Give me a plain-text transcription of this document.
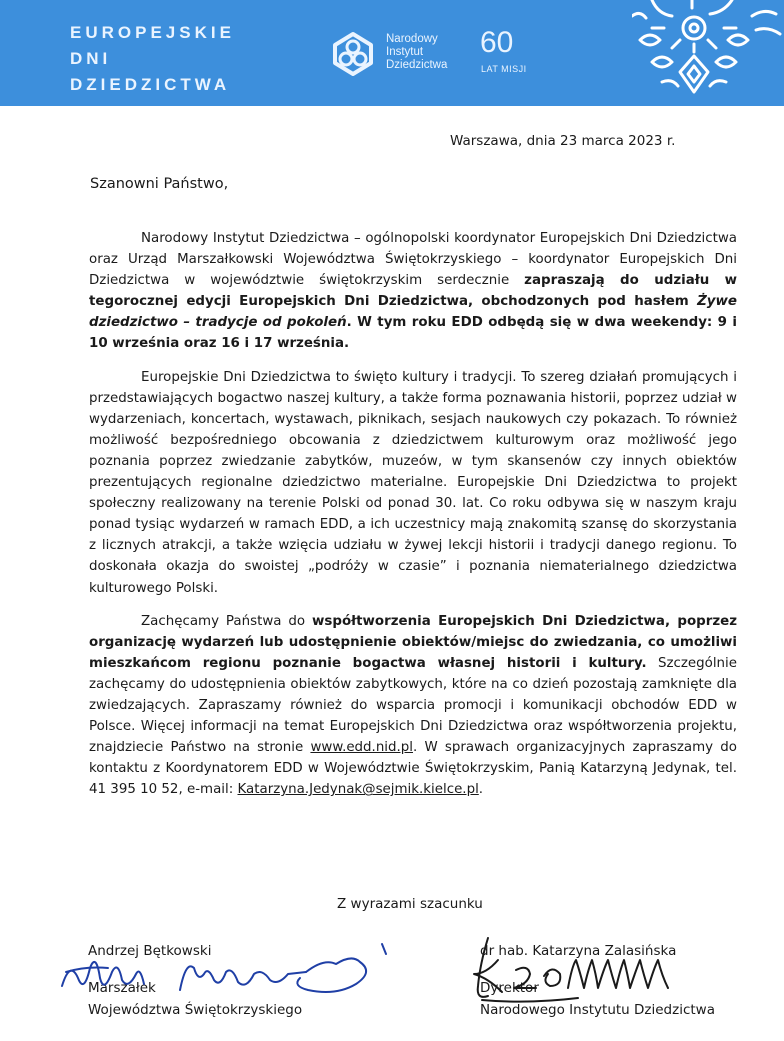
EUROPEJSKIE
DNI
DZIEDZICTWA
Narodowy
Instytut
Dziedzictwa
60
LAT MISJI
Warszawa, dnia 23 marca 2023 r.
Szanowni Państwo,

Narodowy Instytut Dziedzictwa – ogólnopolski koordynator Europejskich Dni Dziedzictwa oraz Urząd Marszałkowski Województwa Świętokrzyskiego – koordynator Europejskich Dni Dziedzictwa w województwie świętokrzyskim serdecznie zapraszają do udziału w tegorocznej edycji Europejskich Dni Dziedzictwa, obchodzonych pod hasłem Żywe dziedzictwo – tradycje od pokoleń. W tym roku EDD odbędą się w dwa weekendy: 9 i 10 września oraz 16 i 17 września.

Europejskie Dni Dziedzictwa to święto kultury i tradycji. To szereg działań promujących i przedstawiających bogactwo naszej kultury, a także forma poznawania historii, poprzez udział w wydarzeniach, koncertach, wystawach, piknikach, sesjach naukowych czy pokazach. To również możliwość bezpośredniego obcowania z dziedzictwem kulturowym oraz możliwość jego poznania poprzez zwiedzanie zabytków, muzeów, w tym skansenów czy innych obiektów prezentujących regionalne dziedzictwo materialne. Europejskie Dni Dziedzictwa to projekt społeczny realizowany na terenie Polski od ponad 30. lat. Co roku odbywa się w naszym kraju ponad tysiąc wydarzeń w ramach EDD, a ich uczestnicy mają znakomitą szansę do skorzystania z licznych atrakcji, a także wzięcia udziału w żywej lekcji historii i tradycji danego regionu. To doskonała okazja do swoistej „podróży w czasie” i poznania niematerialnego dziedzictwa kulturowego Polski.

Zachęcamy Państwa do współtworzenia Europejskich Dni Dziedzictwa, poprzez organizację wydarzeń lub udostępnienie obiektów/miejsc do zwiedzania, co umożliwi mieszkańcom regionu poznanie bogactwa własnej historii i kultury. Szczególnie zachęcamy do udostępnienia obiektów zabytkowych, które na co dzień pozostają zamknięte dla zwiedzających. Zapraszamy również do wsparcia promocji i komunikacji obchodów EDD w Polsce. Więcej informacji na temat Europejskich Dni Dziedzictwa oraz współtworzenia projektu, znajdziecie Państwo na stronie www.edd.nid.pl. W sprawach organizacyjnych zapraszamy do kontaktu z Koordynatorem EDD w Województwie Świętokrzyskim, Panią Katarzyną Jedynak, tel. 41 395 10 52, e-mail: Katarzyna.Jedynak@sejmik.kielce.pl.

Z wyrazami szacunku
Andrzej Bętkowski
Marszałek
Województwa Świętokrzyskiego
dr hab. Katarzyna Zalasińska
Dyrektor
Narodowego Instytutu Dziedzictwa
